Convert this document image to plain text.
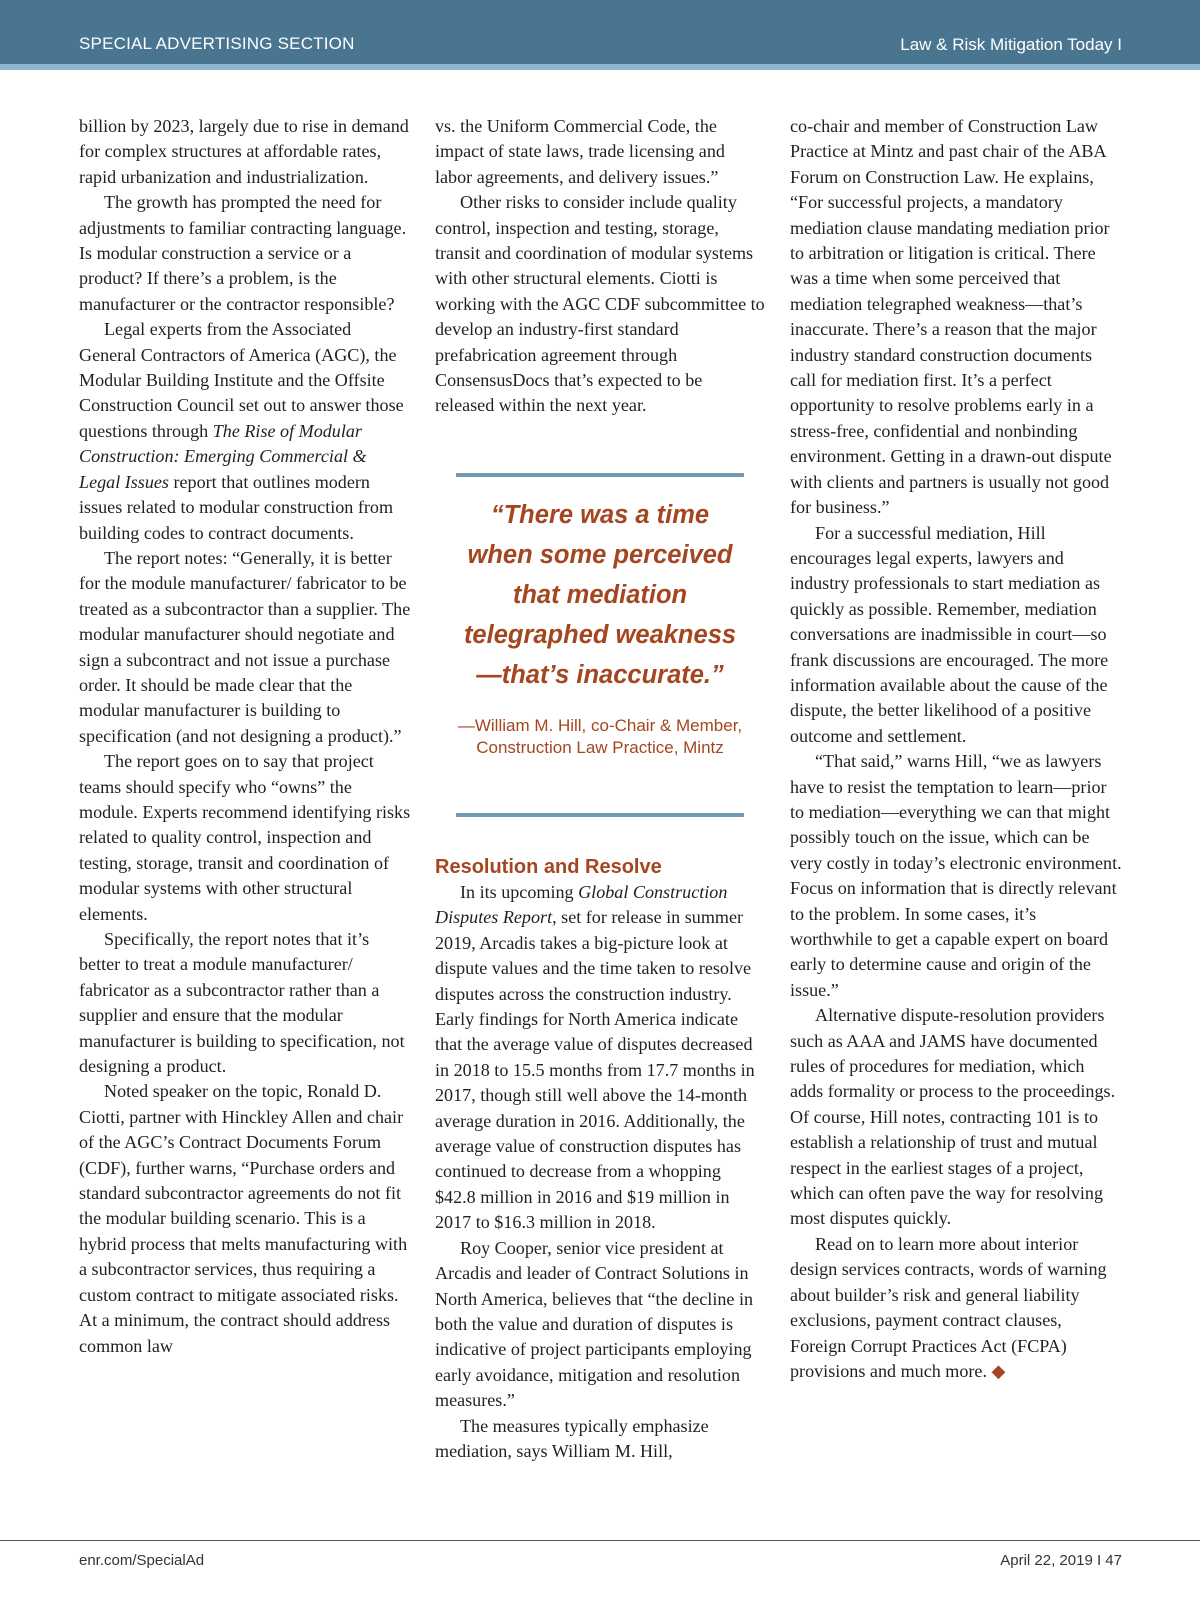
SPECIAL ADVERTISING SECTION	Law & Risk Mitigation Today I

billion by 2023, largely due to rise in demand for complex structures at affordable rates, rapid urbanization and industrialization.

The growth has prompted the need for adjustments to familiar contracting language. Is modular construction a service or a product? If there’s a problem, is the manufacturer or the contractor responsible?

Legal experts from the Associated General Contractors of America (AGC), the Modular Building Institute and the Offsite Construction Council set out to answer those questions through The Rise of Modular Construction: Emerging Commercial & Legal Issues report that outlines modern issues related to modular construction from building codes to contract documents.

The report notes: “Generally, it is better for the module manufacturer/ fabricator to be treated as a subcontractor than a supplier. The modular manufacturer should negotiate and sign a subcontract and not issue a purchase order. It should be made clear that the modular manufacturer is building to specification (and not designing a product).”

The report goes on to say that project teams should specify who “owns” the module. Experts recommend identifying risks related to quality control, inspection and testing, storage, transit and coordination of modular systems with other structural elements.

Specifically, the report notes that it’s better to treat a module manufacturer/ fabricator as a subcontractor rather than a supplier and ensure that the modular manufacturer is building to specification, not designing a product.

Noted speaker on the topic, Ronald D. Ciotti, partner with Hinckley Allen and chair of the AGC’s Contract Documents Forum (CDF), further warns, “Purchase orders and standard subcontractor agreements do not fit the modular building scenario. This is a hybrid process that melts manufacturing with a subcontractor services, thus requiring a custom contract to mitigate associated risks. At a minimum, the contract should address common law

vs. the Uniform Commercial Code, the impact of state laws, trade licensing and labor agreements, and delivery issues.”

Other risks to consider include quality control, inspection and testing, storage, transit and coordination of modular systems with other structural elements. Ciotti is working with the AGC CDF subcommittee to develop an industry-first standard prefabrication agreement through ConsensusDocs that’s expected to be released within the next year.

“There was a time when some perceived that mediation telegraphed weakness —that’s inaccurate.”
—William M. Hill, co-Chair & Member, Construction Law Practice, Mintz
Resolution and Resolve

In its upcoming Global Construction Disputes Report, set for release in summer 2019, Arcadis takes a big-picture look at dispute values and the time taken to resolve disputes across the construction industry. Early findings for North America indicate that the average value of disputes decreased in 2018 to 15.5 months from 17.7 months in 2017, though still well above the 14-month average duration in 2016. Additionally, the average value of construction disputes has continued to decrease from a whopping $42.8 million in 2016 and $19 million in 2017 to $16.3 million in 2018.

Roy Cooper, senior vice president at Arcadis and leader of Contract Solutions in North America, believes that “the decline in both the value and duration of disputes is indicative of project participants employing early avoidance, mitigation and resolution measures.”

The measures typically emphasize mediation, says William M. Hill,

co-chair and member of Construction Law Practice at Mintz and past chair of the ABA Forum on Construction Law. He explains, “For successful projects, a mandatory mediation clause mandating mediation prior to arbitration or litigation is critical. There was a time when some perceived that mediation telegraphed weakness—that’s inaccurate. There’s a reason that the major industry standard construction documents call for mediation first. It’s a perfect opportunity to resolve problems early in a stress-free, confidential and nonbinding environment. Getting in a drawn-out dispute with clients and partners is usually not good for business.”

For a successful mediation, Hill encourages legal experts, lawyers and industry professionals to start mediation as quickly as possible. Remember, mediation conversations are inadmissible in court—so frank discussions are encouraged. The more information available about the cause of the dispute, the better likelihood of a positive outcome and settlement.

“That said,” warns Hill, “we as lawyers have to resist the temptation to learn—prior to mediation—everything we can that might possibly touch on the issue, which can be very costly in today’s electronic environment. Focus on information that is directly relevant to the problem. In some cases, it’s worthwhile to get a capable expert on board early to determine cause and origin of the issue.”

Alternative dispute-resolution providers such as AAA and JAMS have documented rules of procedures for mediation, which adds formality or process to the proceedings. Of course, Hill notes, contracting 101 is to establish a relationship of trust and mutual respect in the earliest stages of a project, which can often pave the way for resolving most disputes quickly.

Read on to learn more about interior design services contracts, words of warning about builder’s risk and general liability exclusions, payment contract clauses, Foreign Corrupt Practices Act (FCPA) provisions and much more. ◆

enr.com/SpecialAd	April 22, 2019 I 47
